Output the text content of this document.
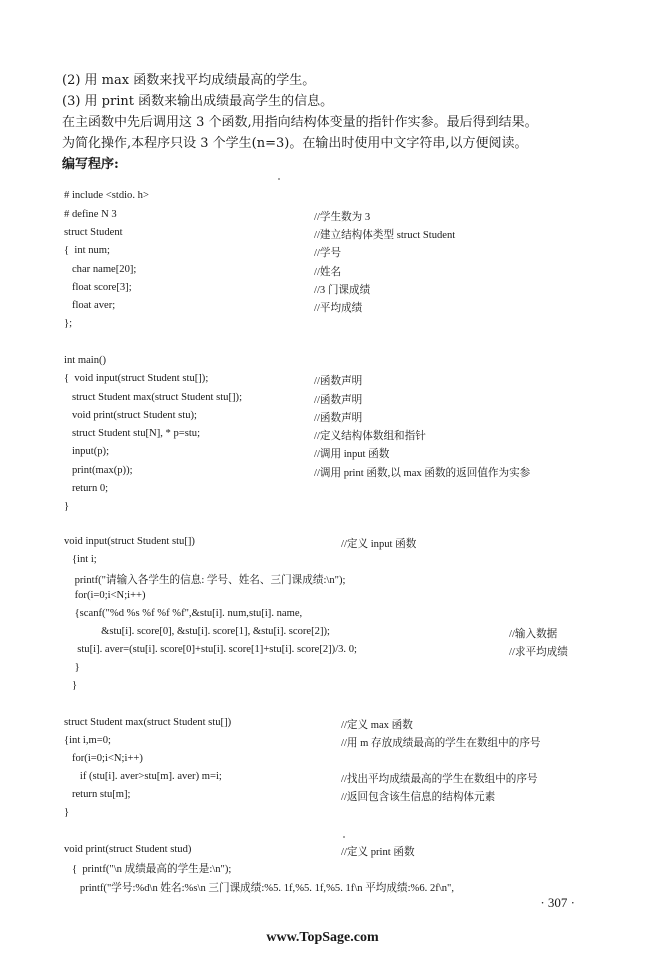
(2) 用 max 函数来找平均成绩最高的学生。
(3) 用 print 函数来输出成绩最高学生的信息。
在主函数中先后调用这 3 个函数,用指向结构体变量的指针作实参。最后得到结果。
为简化操作,本程序只设 3 个学生(n=3)。在输出时使用中文字符串,以方便阅读。
编写程序:
# include <stdio. h>
# define N 3	//学生数为 3
struct Student	//建立结构体类型 struct Student
{  int num;	//学号
char name[20];	//姓名
float score[3];	//3 门课成绩
float aver;	//平均成绩
};
int main()
{  void input(struct Student stu[]);	//函数声明
struct Student max(struct Student stu[]);	//函数声明
void print(struct Student stu);	//函数声明
struct Student stu[N], * p=stu;	//定义结构体数组和指针
input(p);	//调用 input 函数
print(max(p));	//调用 print 函数,以 max 函数的返回值作为实参
return 0;
}
void input(struct Student stu[])	//定义 input 函数
{int i;
printf("请输入各学生的信息: 学号、姓名、三门课成绩:\n");
for(i=0;i<N;i++)
{scanf("%d %s %f %f %f",&stu[i]. num,stu[i]. name,
&stu[i]. score[0], &stu[i]. score[1], &stu[i]. score[2]);	//输入数据
stu[i]. aver=(stu[i]. score[0]+stu[i]. score[1]+stu[i]. score[2])/3. 0;	//求平均成绩
}
}
struct Student max(struct Student stu[])	//定义 max 函数
{int i,m=0;	//用 m 存放成绩最高的学生在数组中的序号
for(i=0;i<N;i++)
if (stu[i]. aver>stu[m]. aver) m=i;	//找出平均成绩最高的学生在数组中的序号
return stu[m];	//返回包含该生信息的结构体元素
}
void print(struct Student stud)	//定义 print 函数
{  printf("\n 成绩最高的学生是:\n");
printf("学号:%d\n 姓名:%s\n 三门课成绩:%5. 1f,%5. 1f,%5. 1f\n 平均成绩:%6. 2f\n",
· 307 ·
www.TopSage.com
